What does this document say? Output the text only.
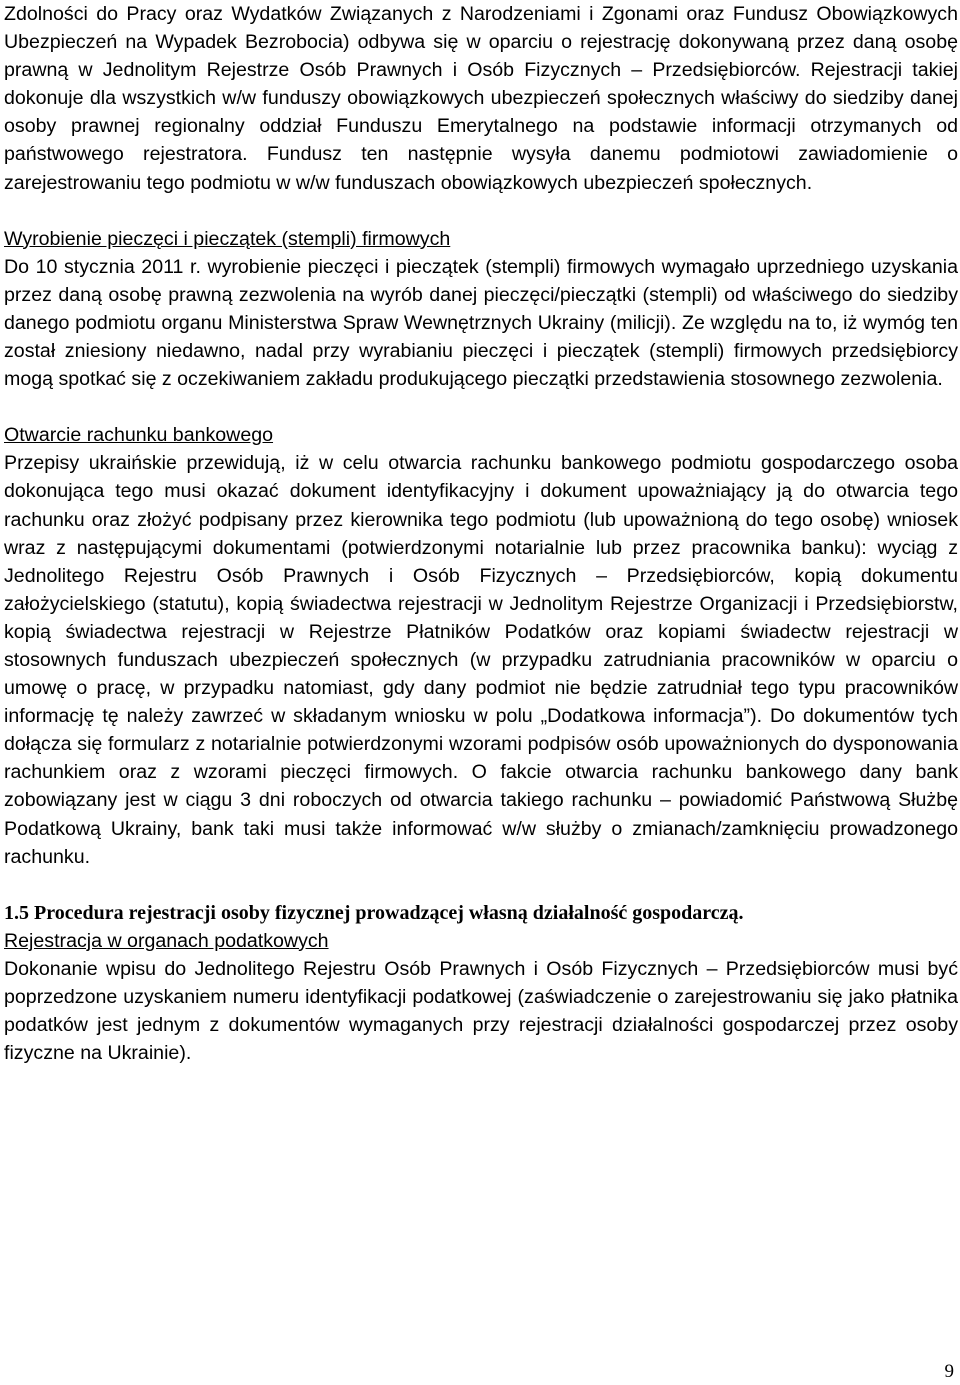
Zdolności do Pracy oraz Wydatków Związanych z Narodzeniami i Zgonami oraz Fundusz Obowiązkowych Ubezpieczeń na Wypadek Bezrobocia) odbywa się w oparciu o rejestrację dokonywaną przez daną osobę prawną w Jednolitym Rejestrze Osób Prawnych i Osób Fizycznych – Przedsiębiorców. Rejestracji takiej dokonuje dla wszystkich w/w funduszy obowiązkowych ubezpieczeń społecznych właściwy do siedziby danej osoby prawnej regionalny oddział Funduszu Emerytalnego na podstawie informacji otrzymanych od państwowego rejestratora. Fundusz ten następnie wysyła danemu podmiotowi zawiadomienie o zarejestrowaniu tego podmiotu w w/w funduszach obowiązkowych ubezpieczeń społecznych.

Wyrobienie pieczęci i pieczątek (stempli) firmowych

Do 10 stycznia 2011 r. wyrobienie pieczęci i pieczątek (stempli) firmowych wymagało uprzedniego uzyskania przez daną osobę prawną zezwolenia na wyrób danej pieczęci/pieczątki (stempli) od właściwego do siedziby danego podmiotu organu Ministerstwa Spraw Wewnętrznych Ukrainy (milicji). Ze względu na to, iż wymóg ten został zniesiony niedawno, nadal przy wyrabianiu pieczęci i pieczątek (stempli) firmowych przedsiębiorcy mogą spotkać się z oczekiwaniem zakładu produkującego pieczątki przedstawienia stosownego zezwolenia.

Otwarcie rachunku bankowego

Przepisy ukraińskie przewidują, iż w celu otwarcia rachunku bankowego podmiotu gospodarczego osoba dokonująca tego musi okazać dokument identyfikacyjny i dokument upoważniający ją do otwarcia tego rachunku oraz złożyć podpisany przez kierownika tego podmiotu (lub upoważnioną do tego osobę) wniosek wraz z następującymi dokumentami (potwierdzonymi notarialnie lub przez pracownika banku): wyciąg z Jednolitego Rejestru Osób Prawnych i Osób Fizycznych – Przedsiębiorców, kopią dokumentu założycielskiego (statutu), kopią świadectwa rejestracji w Jednolitym Rejestrze Organizacji i Przedsiębiorstw, kopią świadectwa rejestracji w Rejestrze Płatników Podatków oraz kopiami świadectw rejestracji w stosownych funduszach ubezpieczeń społecznych (w przypadku zatrudniania pracowników w oparciu o umowę o pracę, w przypadku natomiast, gdy dany podmiot nie będzie zatrudniał tego typu pracowników informację tę należy zawrzeć w składanym wniosku w polu „Dodatkowa informacja”). Do dokumentów tych dołącza się formularz z notarialnie potwierdzonymi wzorami podpisów osób upoważnionych do dysponowania rachunkiem oraz z wzorami pieczęci firmowych. O fakcie otwarcia rachunku bankowego dany bank zobowiązany jest w ciągu 3 dni roboczych od otwarcia takiego rachunku – powiadomić Państwową Służbę Podatkową Ukrainy, bank taki musi także informować w/w służby o zmianach/zamknięciu prowadzonego rachunku.

1.5 Procedura rejestracji osoby fizycznej prowadzącej własną działalność gospodarczą.

Rejestracja w organach podatkowych

Dokonanie wpisu do Jednolitego Rejestru Osób Prawnych i Osób Fizycznych – Przedsiębiorców musi być poprzedzone uzyskaniem numeru identyfikacji podatkowej (zaświadczenie o zarejestrowaniu się jako płatnika podatków jest jednym z dokumentów wymaganych przy rejestracji działalności gospodarczej przez osoby fizyczne na Ukrainie).

9
